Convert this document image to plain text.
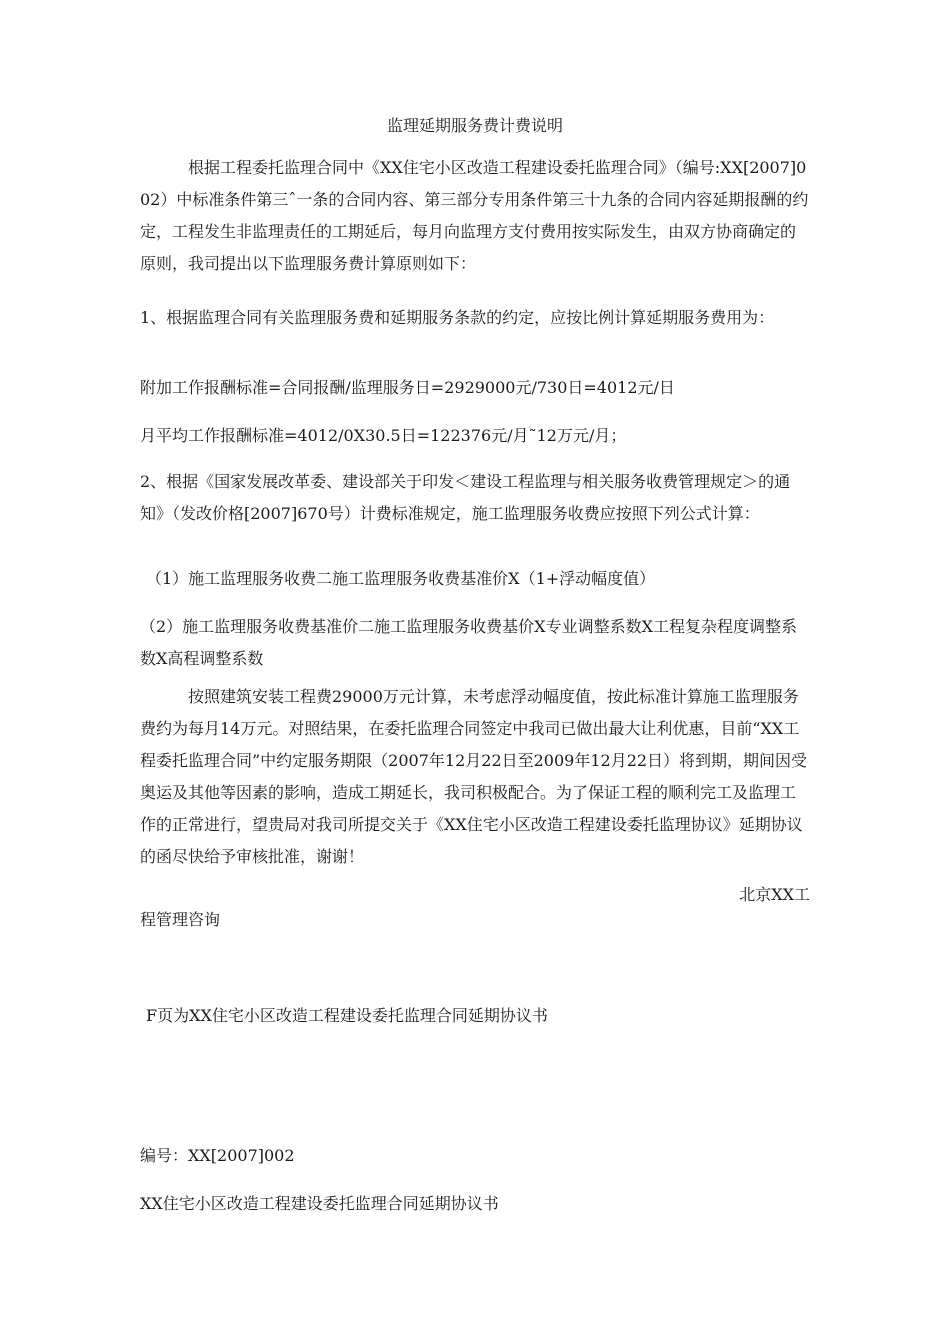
监理延期服务费计费说明

根据工程委托监理合同中《XX住宅小区改造工程建设委托监理合同》（编号:XX[2007]002）中标准条件第三ˆ一条的合同内容、第三部分专用条件第三十九条的合同内容延期报酬的约定，工程发生非监理责任的工期延后，每月向监理方支付费用按实际发生，由双方协商确定的原则，我司提出以下监理服务费计算原则如下：

1、根据监理合同有关监理服务费和延期服务条款的约定，应按比例计算延期服务费用为：

附加工作报酬标准=合同报酬/监理服务日=2929000元/730日=4012元/日

月平均工作报酬标准=4012/0X30.5日=122376元/月˜12万元/月；

2、根据《国家发展改革委、建设部关于印发＜建设工程监理与相关服务收费管理规定＞的通知》（发改价格[2007]670号）计费标准规定，施工监理服务收费应按照下列公式计算：

（1）施工监理服务收费二施工监理服务收费基准价X（1+浮动幅度值）

（2）施工监理服务收费基准价二施工监理服务收费基价X专业调整系数X工程复杂程度调整系数X高程调整系数

按照建筑安装工程费29000万元计算，未考虑浮动幅度值，按此标准计算施工监理服务费约为每月14万元。对照结果，在委托监理合同签定中我司已做出最大让利优惠，目前“XX工程委托监理合同”中约定服务期限（2007年12月22日至2009年12月22日）将到期，期间因受奥运及其他等因素的影响，造成工期延长，我司积极配合。为了保证工程的顺利完工及监理工作的正常进行，望贵局对我司所提交关于《XX住宅小区改造工程建设委托监理协议》延期协议的函尽快给予审核批准，谢谢！

北京XX工

程管理咨询

F页为XX住宅小区改造工程建设委托监理合同延期协议书

编号：XX[2007]002

XX住宅小区改造工程建设委托监理合同延期协议书
